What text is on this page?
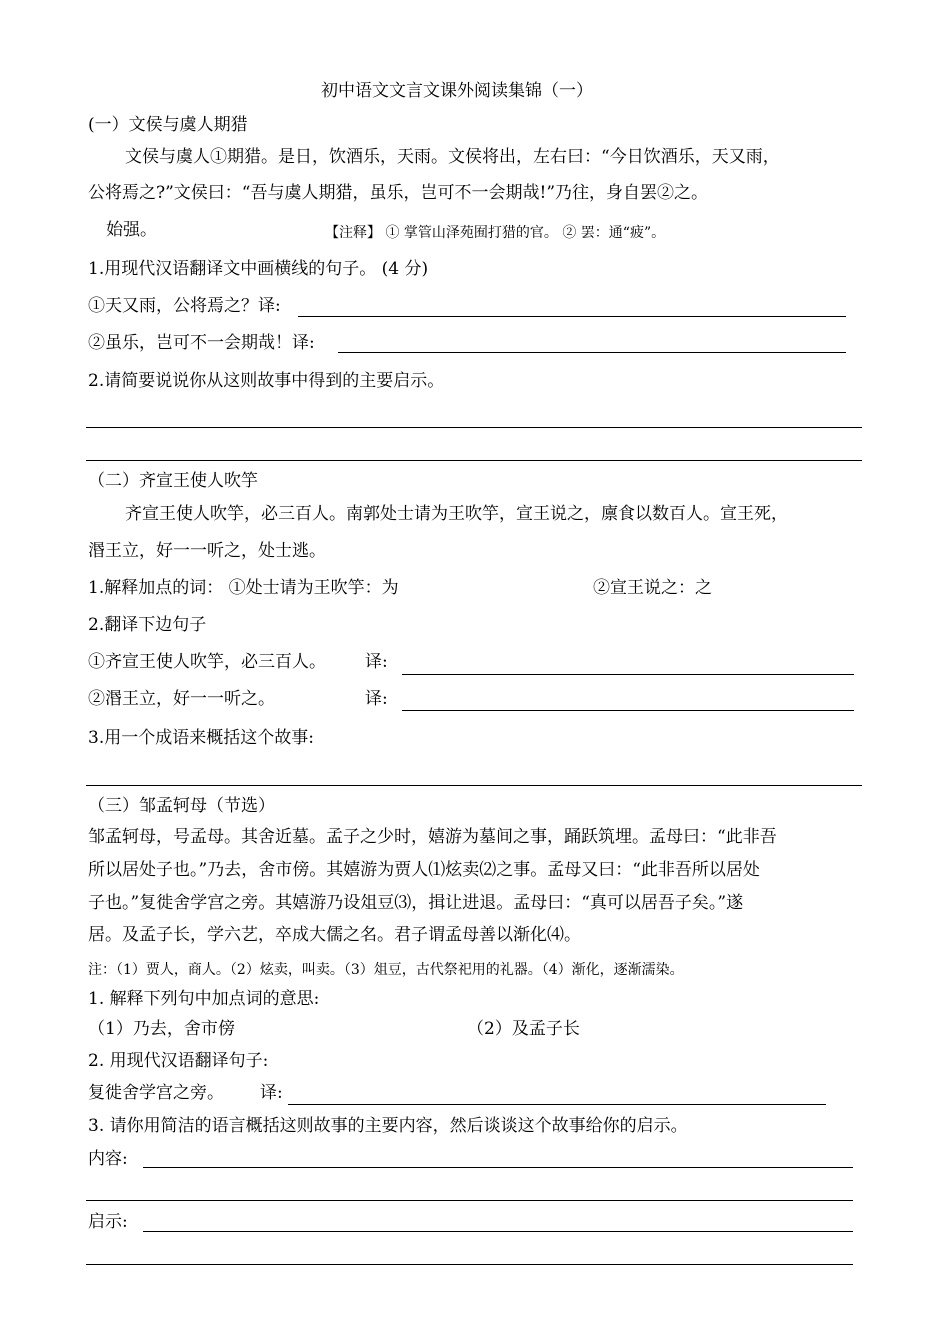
初中语文文言文课外阅读集锦（一）
(一）文侯与虞人期猎
文侯与虞人①期猎。是日，饮酒乐，天雨。文侯将出，左右曰：“今日饮酒乐，天又雨，
公将焉之?”文侯曰：“吾与虞人期猎，虽乐，岂可不一会期哉!”乃往，身自罢②之。
始强。	【注释】 ① 掌管山泽苑囿打猎的官。 ② 罢：通“疲”。
1.用现代汉语翻译文中画横线的句子。 (4 分)
①天又雨，公将焉之？译:
②虽乐，岂可不一会期哉！译:
2.请简要说说你从这则故事中得到的主要启示。
（二）齐宣王使人吹竽
齐宣王使人吹竽，必三百人。南郭处士请为王吹竽，宣王说之，廪食以数百人。宣王死，
湣王立，好一一听之，处士逃。
1.解释加点的词： ①处士请为王吹竽：为	②宣王说之：之
2.翻译下边句子
①齐宣王使人吹竽，必三百人。 译:
②湣王立，好一一听之。	译:
3.用一个成语来概括这个故事:
（三）邹孟轲母（节选）
邹孟轲母，号孟母。其舍近墓。孟子之少时，嬉游为墓间之事，踊跃筑埋。孟母曰：“此非吾
所以居处子也。”乃去，舍市傍。其嬉游为贾人⑴炫卖⑵之事。孟母又曰：“此非吾所以居处
子也。”复徙舍学宫之旁。其嬉游乃设俎豆⑶，揖让进退。孟母曰：“真可以居吾子矣。”遂
居。及孟子长，学六艺，卒成大儒之名。君子谓孟母善以渐化⑷。
注：（1）贾人，商人。（2）炫卖，叫卖。（3）俎豆，古代祭祀用的礼器。（4）渐化，逐渐濡染。
1. 解释下列句中加点词的意思:
（1）乃去，舍市傍	（2）及孟子长
2. 用现代汉语翻译句子:
复徙舍学宫之旁。 译:
3. 请你用简洁的语言概括这则故事的主要内容，然后谈谈这个故事给你的启示。
内容:
启示:
